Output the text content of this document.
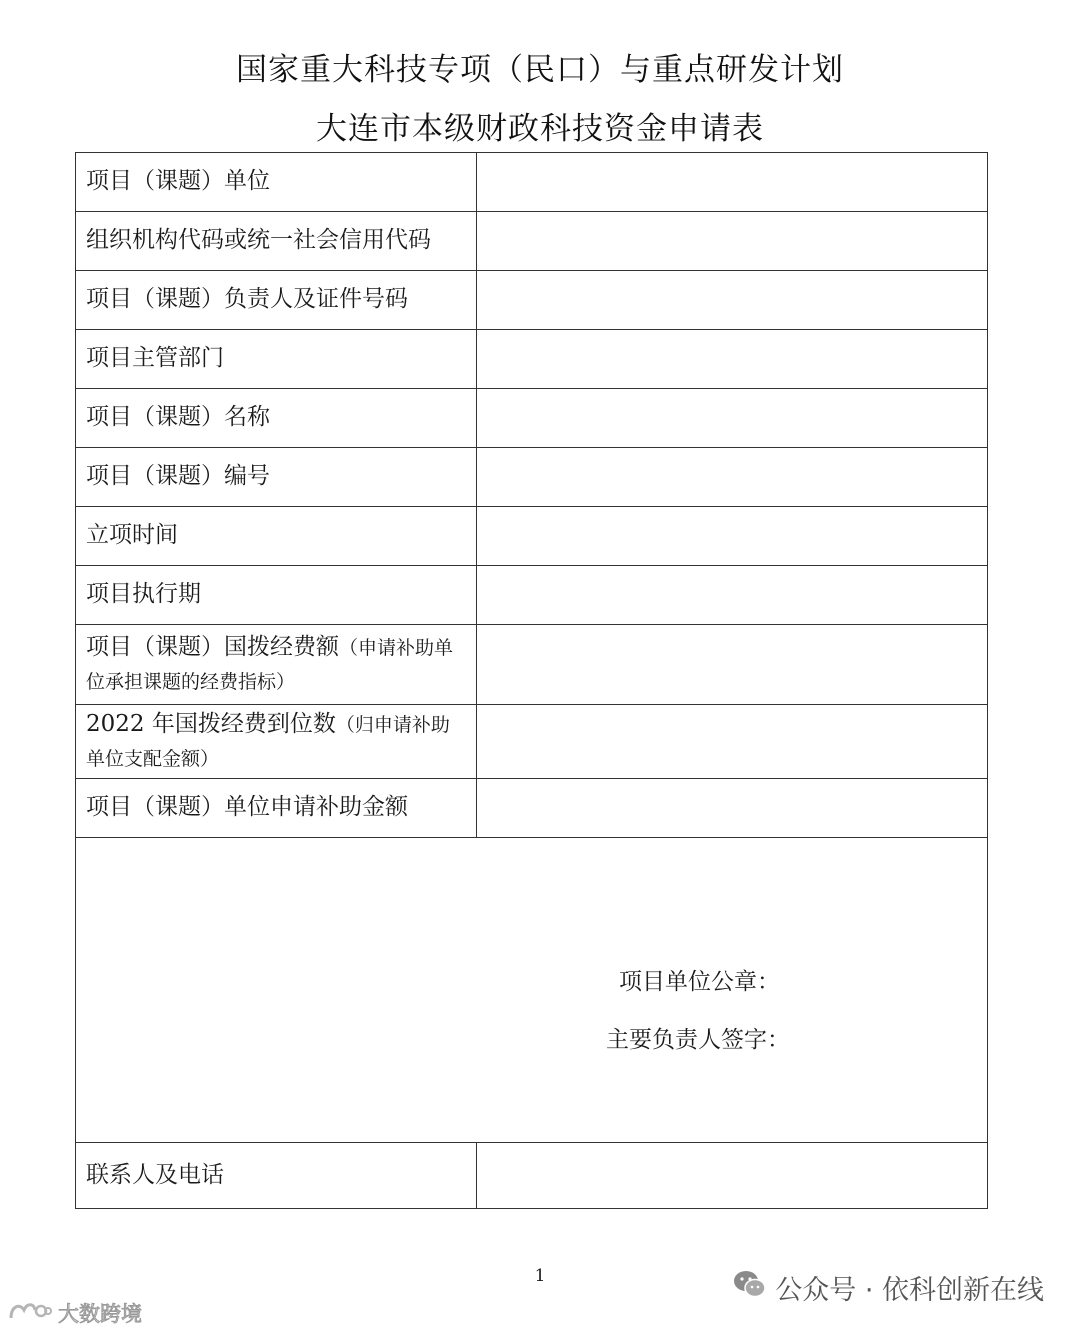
国家重大科技专项（民口）与重点研发计划
大连市本级财政科技资金申请表
项目（课题）单位	
组织机构代码或统一社会信用代码	
项目（课题）负责人及证件号码	
项目主管部门	
项目（课题）名称	
项目（课题）编号	
立项时间	
项目执行期	
项目（课题）国拨经费额（申请补助单位承担课题的经费指标）	
2022 年国拨经费到位数（归申请补助单位支配金额）	
项目（课题）单位申请补助金额	

项目单位公章：
主要负责人签字：	

联系人及电话	
1	公众号 · 依科创新在线
大数跨境
